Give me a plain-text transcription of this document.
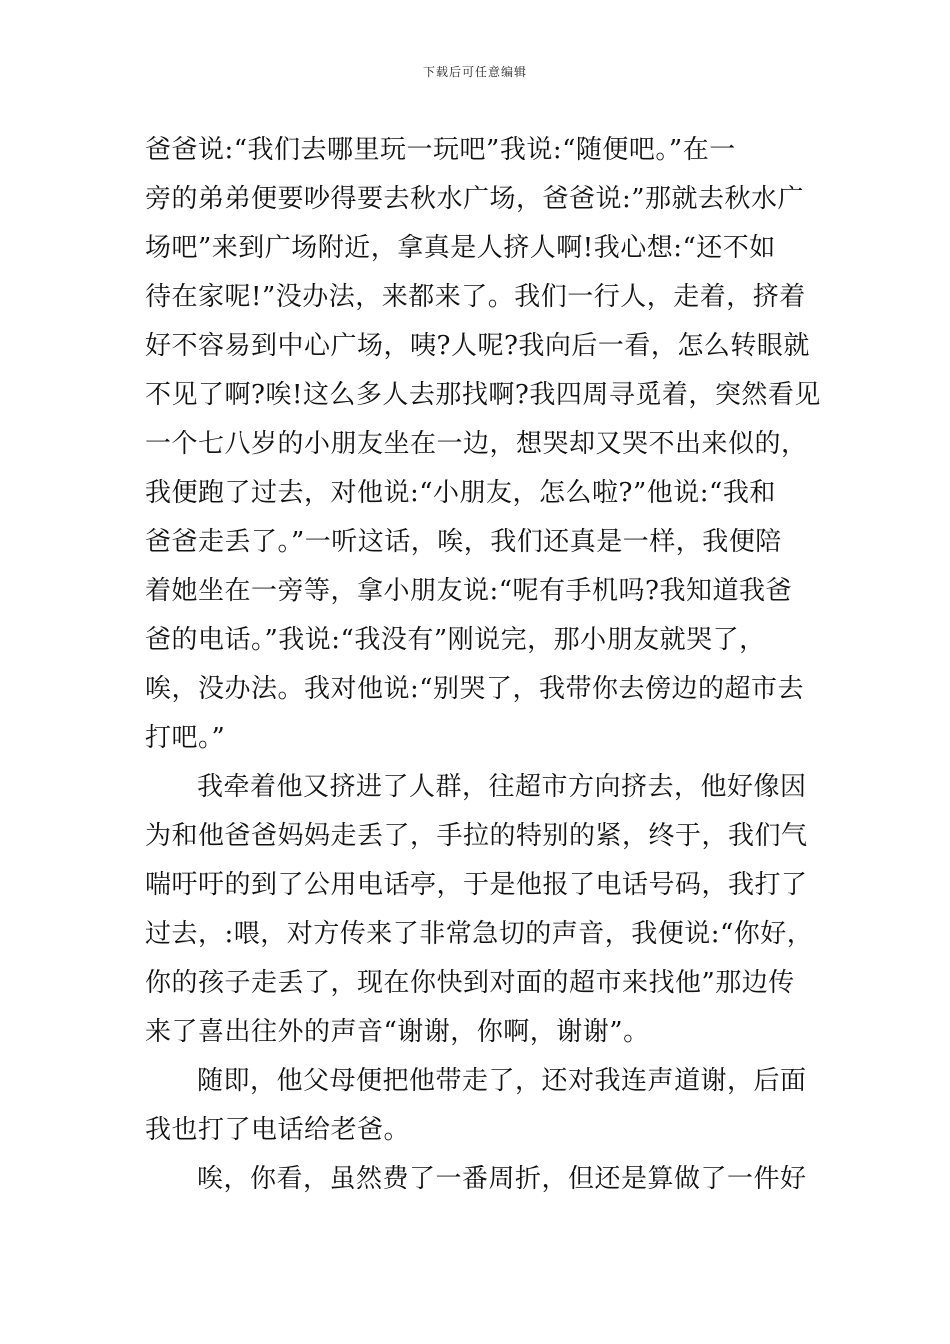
下载后可任意编辑

爸爸说:“我们去哪里玩一玩吧”我说:“随便吧。”在一
旁的弟弟便要吵得要去秋水广场，爸爸说:”那就去秋水广
场吧”来到广场附近，拿真是人挤人啊!我心想:“还不如
待在家呢!”没办法，来都来了。我们一行人，走着，挤着
好不容易到中心广场，咦?人呢?我向后一看，怎么转眼就
不见了啊?唉!这么多人去那找啊?我四周寻觅着，突然看见
一个七八岁的小朋友坐在一边，想哭却又哭不出来似的，
我便跑了过去，对他说:“小朋友，怎么啦?”他说:“我和
爸爸走丢了。”一听这话，唉，我们还真是一样，我便陪
着她坐在一旁等，拿小朋友说:“呢有手机吗?我知道我爸
爸的电话。”我说:“我没有”刚说完，那小朋友就哭了，
唉，没办法。我对他说:“别哭了，我带你去傍边的超市去
打吧。”

我牵着他又挤进了人群，往超市方向挤去，他好像因
为和他爸爸妈妈走丢了，手拉的特别的紧，终于，我们气
喘吁吁的到了公用电话亭，于是他报了电话号码，我打了
过去，:喂，对方传来了非常急切的声音，我便说:“你好，
你的孩子走丢了，现在你快到对面的超市来找他”那边传
来了喜出往外的声音“谢谢，你啊，谢谢”。

随即，他父母便把他带走了，还对我连声道谢，后面
我也打了电话给老爸。

唉，你看，虽然费了一番周折，但还是算做了一件好
